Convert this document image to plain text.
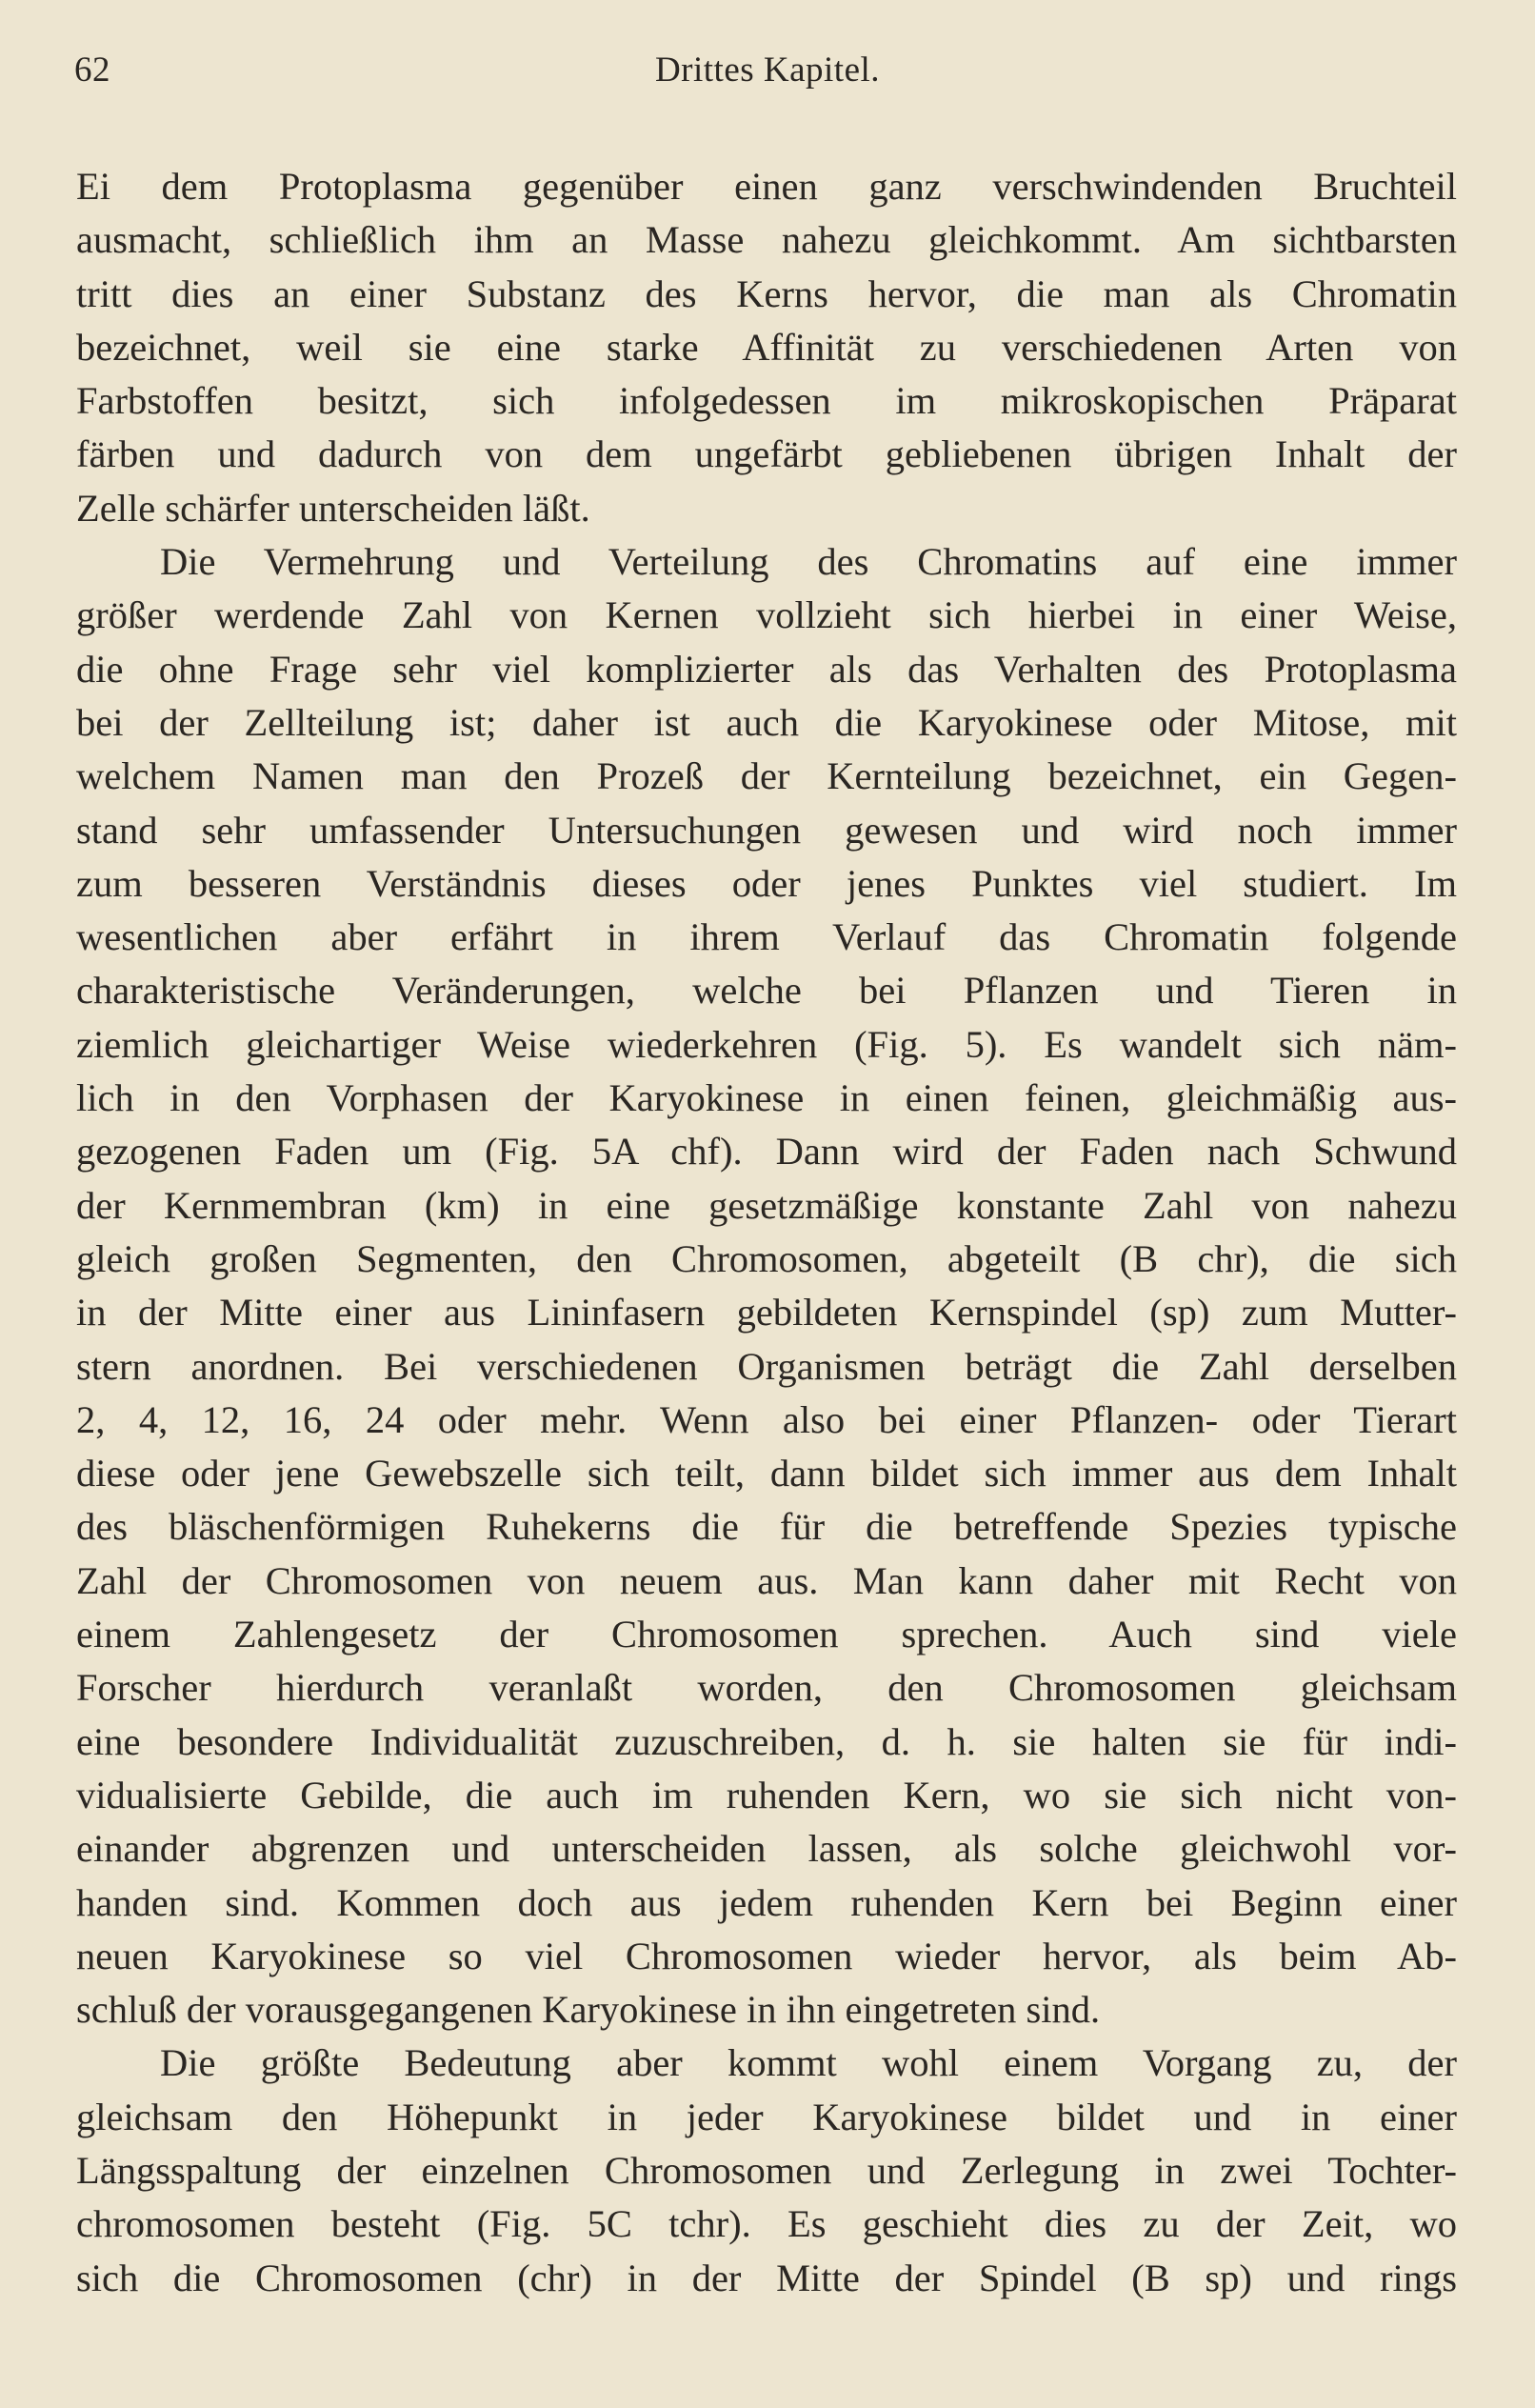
62	Drittes Kapitel.
Ei dem Protoplasma gegenüber einen ganz verschwindenden Bruchteil
ausmacht, schließlich ihm an Masse nahezu gleichkommt. Am sichtbarsten
tritt dies an einer Substanz des Kerns hervor, die man als Chromatin
bezeichnet, weil sie eine starke Affinität zu verschiedenen Arten von
Farbstoffen besitzt, sich infolgedessen im mikroskopischen Präparat
färben und dadurch von dem ungefärbt gebliebenen übrigen Inhalt der
Zelle schärfer unterscheiden läßt.
Die Vermehrung und Verteilung des Chromatins auf eine immer
größer werdende Zahl von Kernen vollzieht sich hierbei in einer Weise,
die ohne Frage sehr viel komplizierter als das Verhalten des Protoplasma
bei der Zellteilung ist; daher ist auch die Karyokinese oder Mitose, mit
welchem Namen man den Prozeß der Kernteilung bezeichnet, ein Gegen-
stand sehr umfassender Untersuchungen gewesen und wird noch immer
zum besseren Verständnis dieses oder jenes Punktes viel studiert. Im
wesentlichen aber erfährt in ihrem Verlauf das Chromatin folgende
charakteristische Veränderungen, welche bei Pflanzen und Tieren in
ziemlich gleichartiger Weise wiederkehren (Fig. 5). Es wandelt sich näm-
lich in den Vorphasen der Karyokinese in einen feinen, gleichmäßig aus-
gezogenen Faden um (Fig. 5A chf). Dann wird der Faden nach Schwund
der Kernmembran (km) in eine gesetzmäßige konstante Zahl von nahezu
gleich großen Segmenten, den Chromosomen, abgeteilt (B chr), die sich
in der Mitte einer aus Lininfasern gebildeten Kernspindel (sp) zum Mutter-
stern anordnen. Bei verschiedenen Organismen beträgt die Zahl derselben
2, 4, 12, 16, 24 oder mehr. Wenn also bei einer Pflanzen- oder Tierart
diese oder jene Gewebszelle sich teilt, dann bildet sich immer aus dem Inhalt
des bläschenförmigen Ruhekerns die für die betreffende Spezies typische
Zahl der Chromosomen von neuem aus. Man kann daher mit Recht von
einem Zahlengesetz der Chromosomen sprechen. Auch sind viele
Forscher hierdurch veranlaßt worden, den Chromosomen gleichsam
eine besondere Individualität zuzuschreiben, d. h. sie halten sie für indi-
vidualisierte Gebilde, die auch im ruhenden Kern, wo sie sich nicht von-
einander abgrenzen und unterscheiden lassen, als solche gleichwohl vor-
handen sind. Kommen doch aus jedem ruhenden Kern bei Beginn einer
neuen Karyokinese so viel Chromosomen wieder hervor, als beim Ab-
schluß der vorausgegangenen Karyokinese in ihn eingetreten sind.
Die größte Bedeutung aber kommt wohl einem Vorgang zu, der
gleichsam den Höhepunkt in jeder Karyokinese bildet und in einer
Längsspaltung der einzelnen Chromosomen und Zerlegung in zwei Tochter-
chromosomen besteht (Fig. 5C tchr). Es geschieht dies zu der Zeit, wo
sich die Chromosomen (chr) in der Mitte der Spindel (B sp) und rings
